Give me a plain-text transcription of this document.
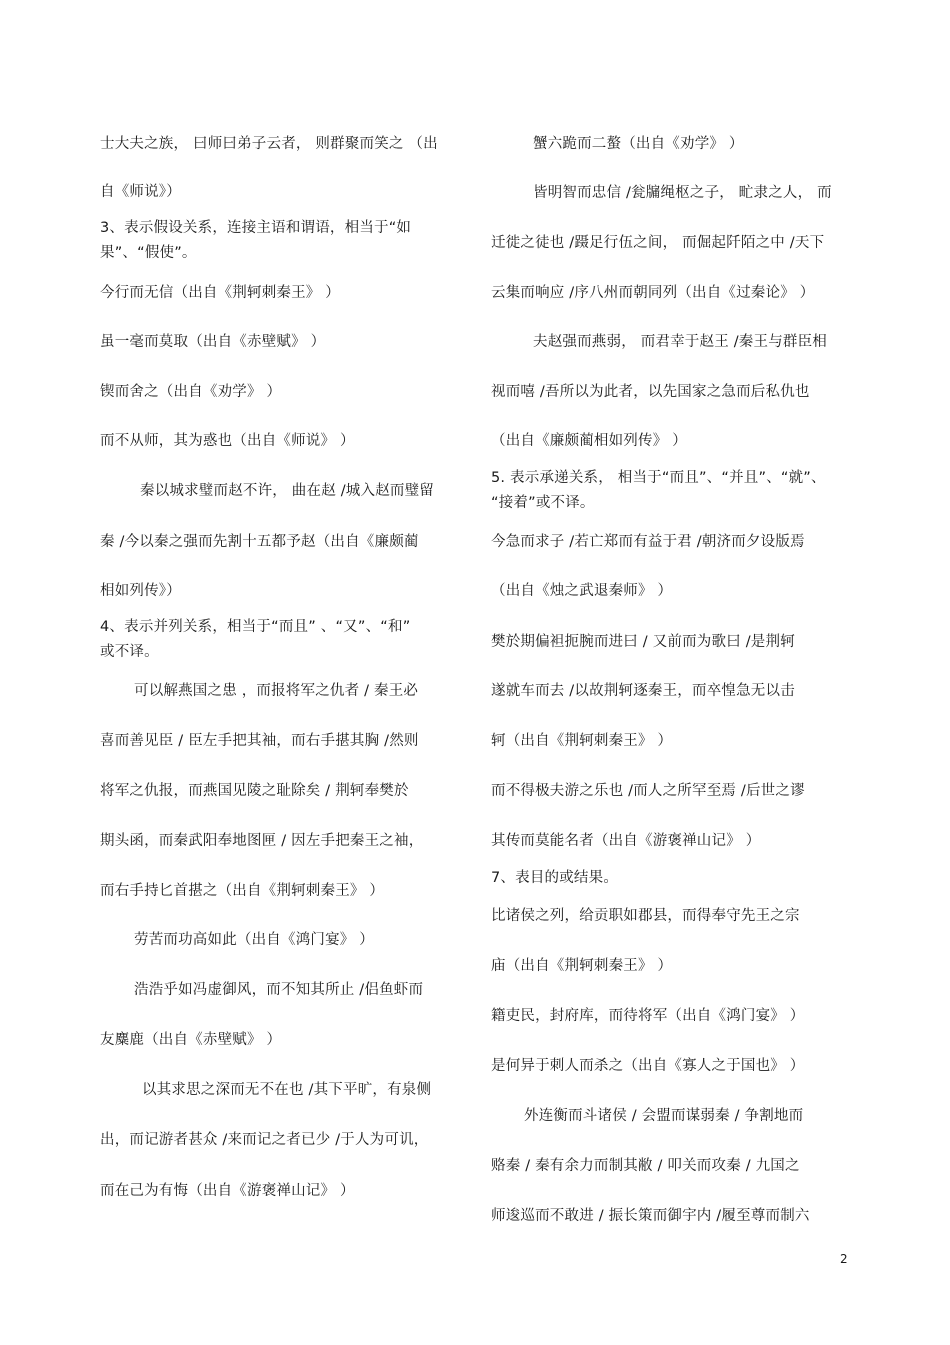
士大夫之族， 曰师曰弟子云者， 则群聚而笑之 （出
自《师说》）
3、表示假设关系，连接主语和谓语，相当于“如
果”、“假使”。
今行而无信（出自《荆轲刺秦王》 ）
虽一毫而莫取（出自《赤壁赋》 ）
锲而舍之（出自《劝学》 ）
而不从师，其为惑也（出自《师说》 ）
秦以城求璧而赵不许， 曲在赵 /城入赵而璧留
秦 /今以秦之强而先割十五都予赵（出自《廉颇蔺
相如列传》）
4、表示并列关系，相当于“而且” 、“又”、“和”
或不译。
可以解燕国之患 ，而报将军之仇者 / 秦王必
喜而善见臣 / 臣左手把其袖，而右手揕其胸 /然则
将军之仇报，而燕国见陵之耻除矣 / 荆轲奉樊於
期头函，而秦武阳奉地图匣 / 因左手把秦王之袖，
而右手持匕首揕之（出自《荆轲刺秦王》 ）
劳苦而功高如此（出自《鸿门宴》 ）
浩浩乎如冯虚御风，而不知其所止 /侣鱼虾而
友麋鹿（出自《赤壁赋》 ）
以其求思之深而无不在也 /其下平旷，有泉侧
出，而记游者甚众 /来而记之者已少 /于人为可讥，
而在己为有悔（出自《游褒禅山记》 ）
蟹六跪而二螯（出自《劝学》 ）
皆明智而忠信 /瓮牖绳枢之子， 甿隶之人， 而
迁徙之徒也 /蹑足行伍之间， 而倔起阡陌之中 /天下
云集而响应 /序八州而朝同列（出自《过秦论》 ）
夫赵强而燕弱， 而君幸于赵王 /秦王与群臣相
视而嘻 /吾所以为此者，以先国家之急而后私仇也
（出自《廉颇蔺相如列传》 ）
5. 表示承递关系， 相当于“而且”、“并且”、“就”、
“接着”或不译。
今急而求子 /若亡郑而有益于君 /朝济而夕设版焉
（出自《烛之武退秦师》 ）
樊於期偏袒扼腕而进曰 / 又前而为歌曰 /是荆轲
遂就车而去 /以故荆轲逐秦王，而卒惶急无以击
轲（出自《荆轲刺秦王》 ）
而不得极夫游之乐也 /而人之所罕至焉 /后世之谬
其传而莫能名者（出自《游褒禅山记》 ）
7、表目的或结果。
比诸侯之列，给贡职如郡县，而得奉守先王之宗
庙（出自《荆轲刺秦王》 ）
籍吏民，封府库，而待将军（出自《鸿门宴》 ）
是何异于刺人而杀之（出自《寡人之于国也》 ）
外连衡而斗诸侯 / 会盟而谋弱秦 / 争割地而
赂秦 / 秦有余力而制其敝 / 叩关而攻秦 / 九国之
师逡巡而不敢进 / 振长策而御宇内 /履至尊而制六
2
